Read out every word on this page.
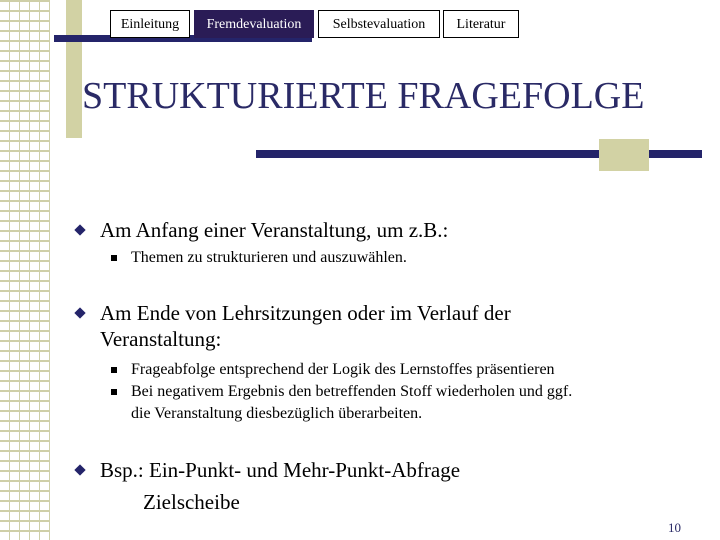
Einleitung	Fremdevaluation	Selbstevaluation	Literatur
STRUKTURIERTE FRAGEFOLGE
Am Anfang einer Veranstaltung, um z.B.:
Themen zu strukturieren und auszuwählen.
Am Ende von Lehrsitzungen oder im Verlauf der
Veranstaltung:
Frageabfolge entsprechend der Logik des Lernstoffes präsentieren
Bei negativem Ergebnis den betreffenden Stoff wiederholen und ggf.
die Veranstaltung diesbezüglich überarbeiten.
Bsp.: Ein-Punkt- und Mehr-Punkt-Abfrage
Zielscheibe
10
